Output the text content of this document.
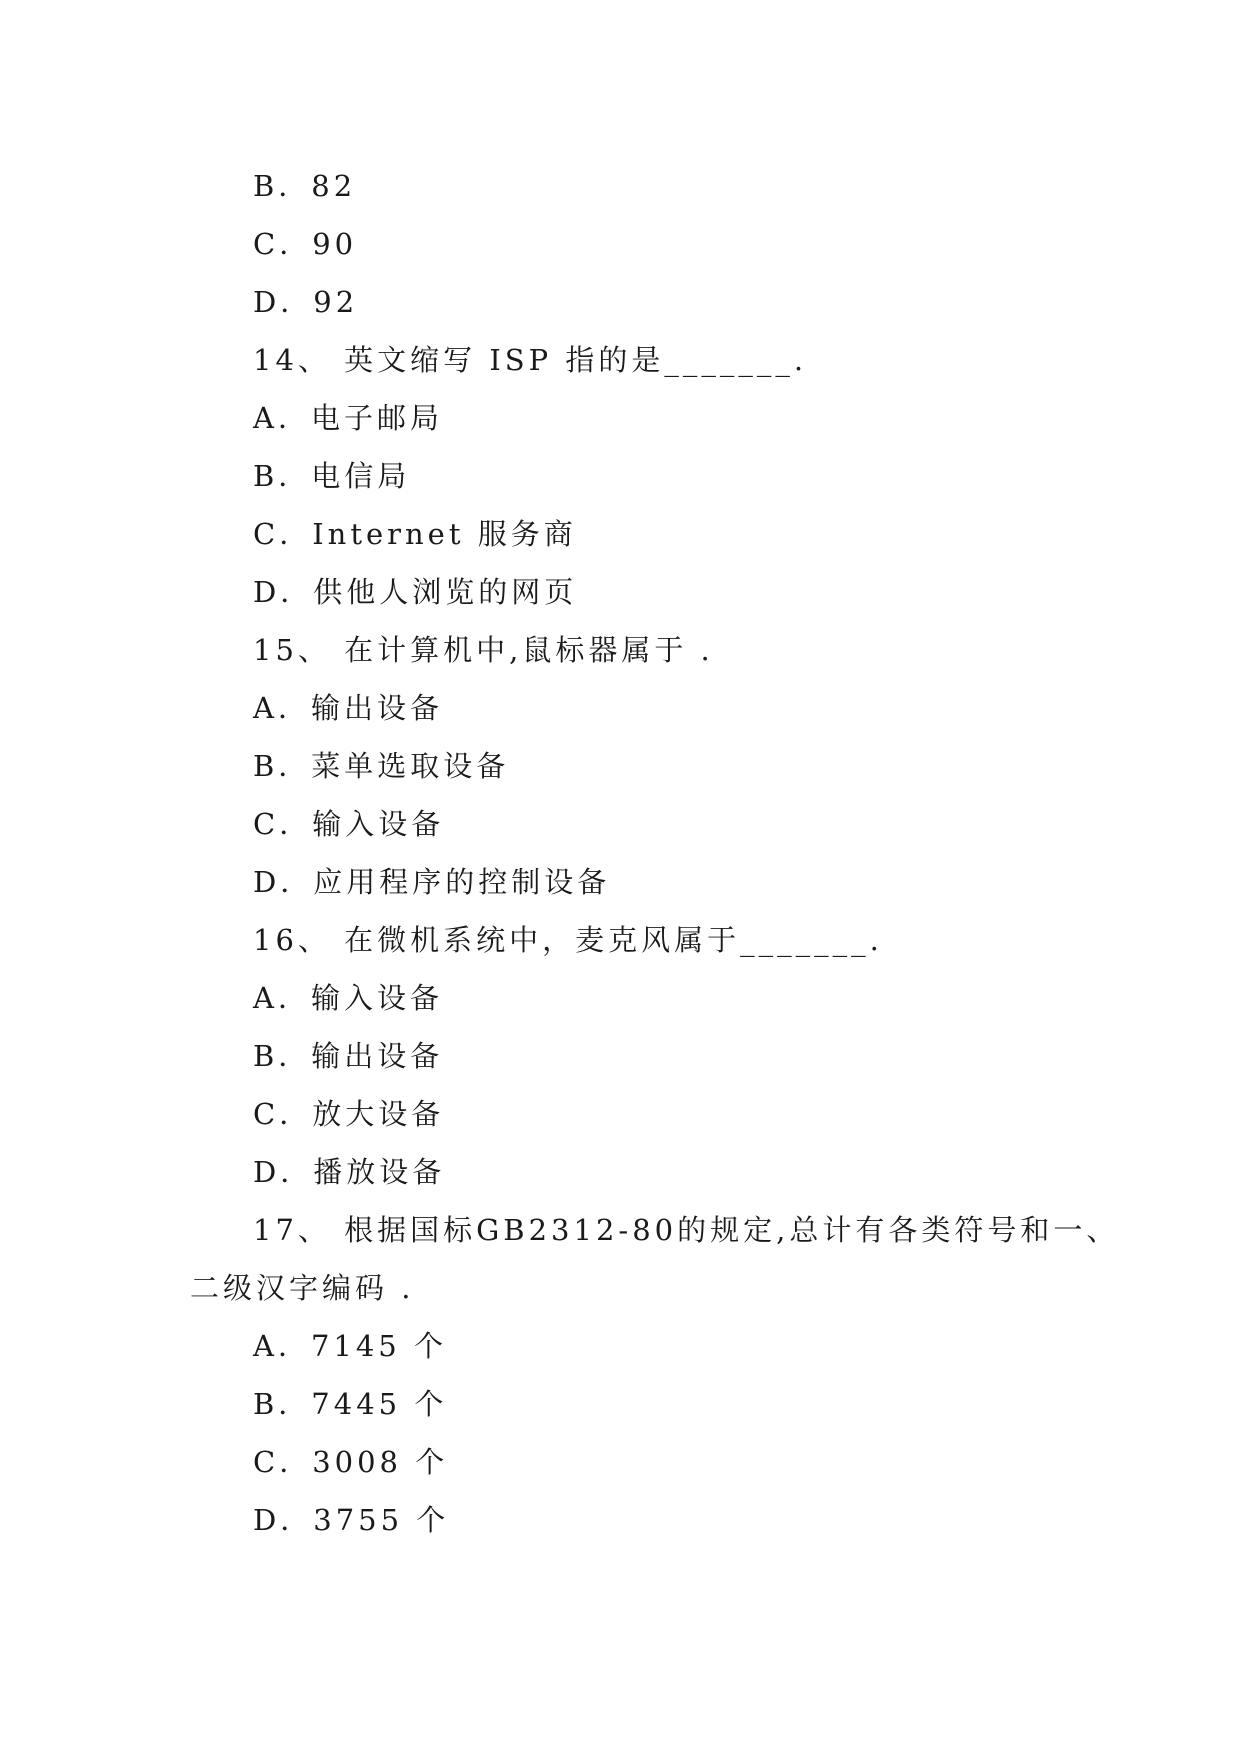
B．82
C．90
D．92
14、 英文缩写 ISP 指的是_______.
A．电子邮局
B．电信局
C．Internet 服务商
D．供他人浏览的网页
15、 在计算机中,鼠标器属于 .
A．输出设备
B．菜单选取设备
C．输入设备
D．应用程序的控制设备
16、 在微机系统中，麦克风属于_______.
A．输入设备
B．输出设备
C．放大设备
D．播放设备
17、 根据国标GB2312-80的规定,总计有各类符号和一、
二级汉字编码 .
A．7145 个
B．7445 个
C．3008 个
D．3755 个
